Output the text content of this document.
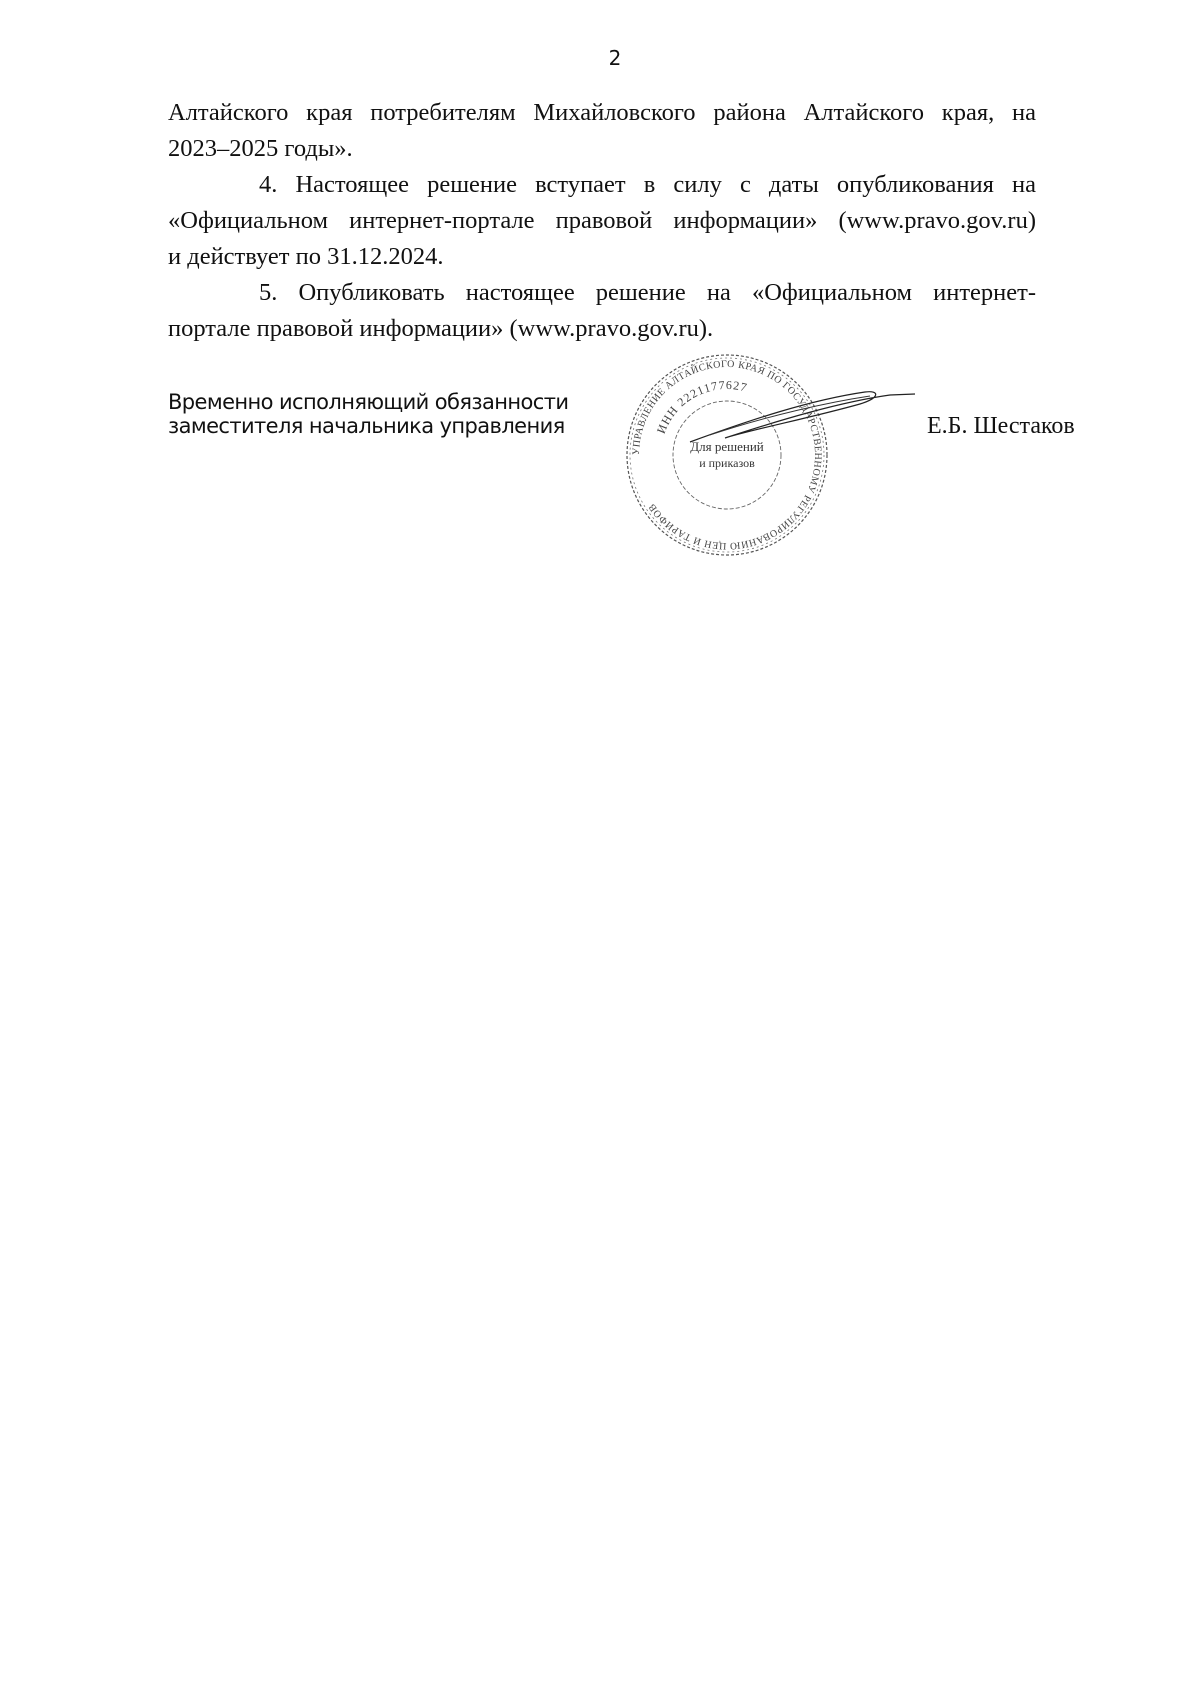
2
Алтайского края потребителям Михайловского района Алтайского края, на
2023–2025 годы».
4. Настоящее решение вступает в силу с даты опубликования на
«Официальном интернет-портале правовой информации» (www.pravo.gov.ru)
и действует по 31.12.2024.
5. Опубликовать настоящее решение на «Официальном интернет-
портале правовой информации» (www.pravo.gov.ru).
Временно исполняющий обязанности
заместителя начальника управления
УПРАВЛЕНИЕ АЛТАЙСКОГО КРАЯ ПО ГОСУДАРСТВЕННОМУ РЕГУЛИРОВАНИЮ ЦЕН И ТАРИФОВ
ИНН 2221177627
Для решений
и приказов
Е.Б. Шестаков
